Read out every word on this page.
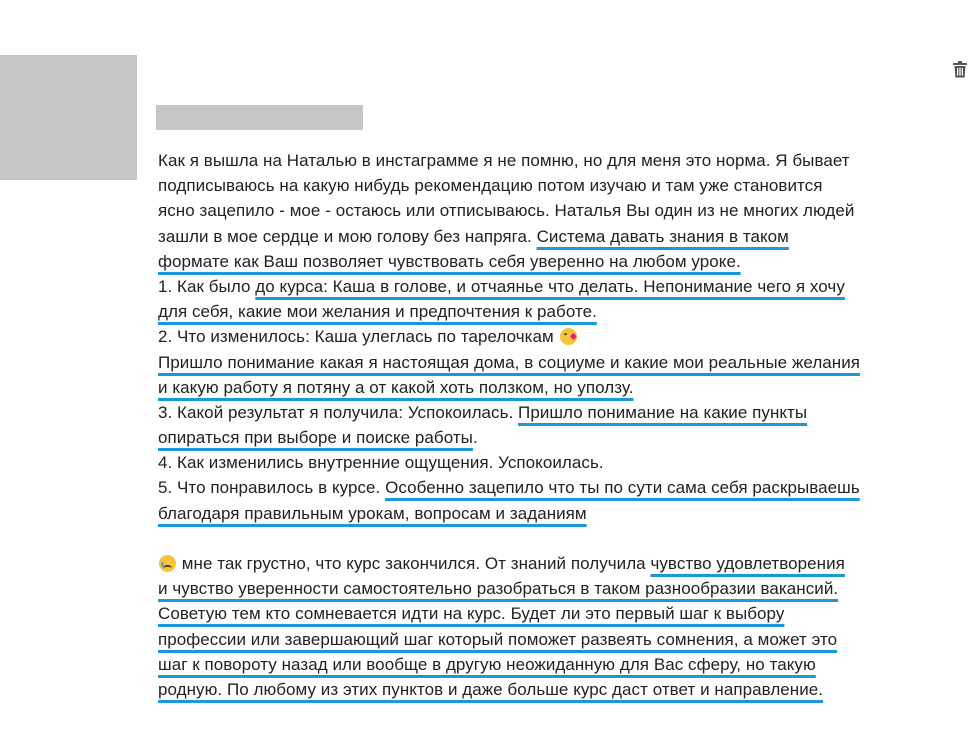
Как я вышла на Наталью в инстаграмме я не помню, но для меня это норма. Я бывает
подписываюсь на какую нибудь рекомендацию потом изучаю и там уже становится
ясно зацепило - мое - остаюсь или отписываюсь. Наталья Вы один из не многих людей
зашли в мое сердце и мою голову без напряга. Система давать знания в таком
формате как Ваш позволяет чувствовать себя уверенно на любом уроке.
1. Как было до курса: Каша в голове, и отчаянье что делать. Непонимание чего я хочу
для себя, какие мои желания и предпочтения к работе.
2. Что изменилось: Каша улеглась по тарелочкам
Пришло понимание какая я настоящая дома, в социуме и какие мои реальные желания
и какую работу я потяну а от какой хоть ползком, но уползу.
3. Какой результат я получила: Успокоилась. Пришло понимание на какие пункты
опираться при выборе и поиске работы.
4. Как изменились внутренние ощущения. Успокоилась.
5. Что понравилось в курсе. Особенно зацепило что ты по сути сама себя раскрываешь
благодаря правильным урокам, вопросам и заданиям
мне так грустно, что курс закончился. От знаний получила чувство удовлетворения
и чувство уверенности самостоятельно разобраться в таком разнообразии вакансий.
Советую тем кто сомневается идти на курс. Будет ли это первый шаг к выбору
профессии или завершающий шаг который поможет развеять сомнения, а может это
шаг к повороту назад или вообще в другую неожиданную для Вас сферу, но такую
родную. По любому из этих пунктов и даже больше курс даст ответ и направление.
